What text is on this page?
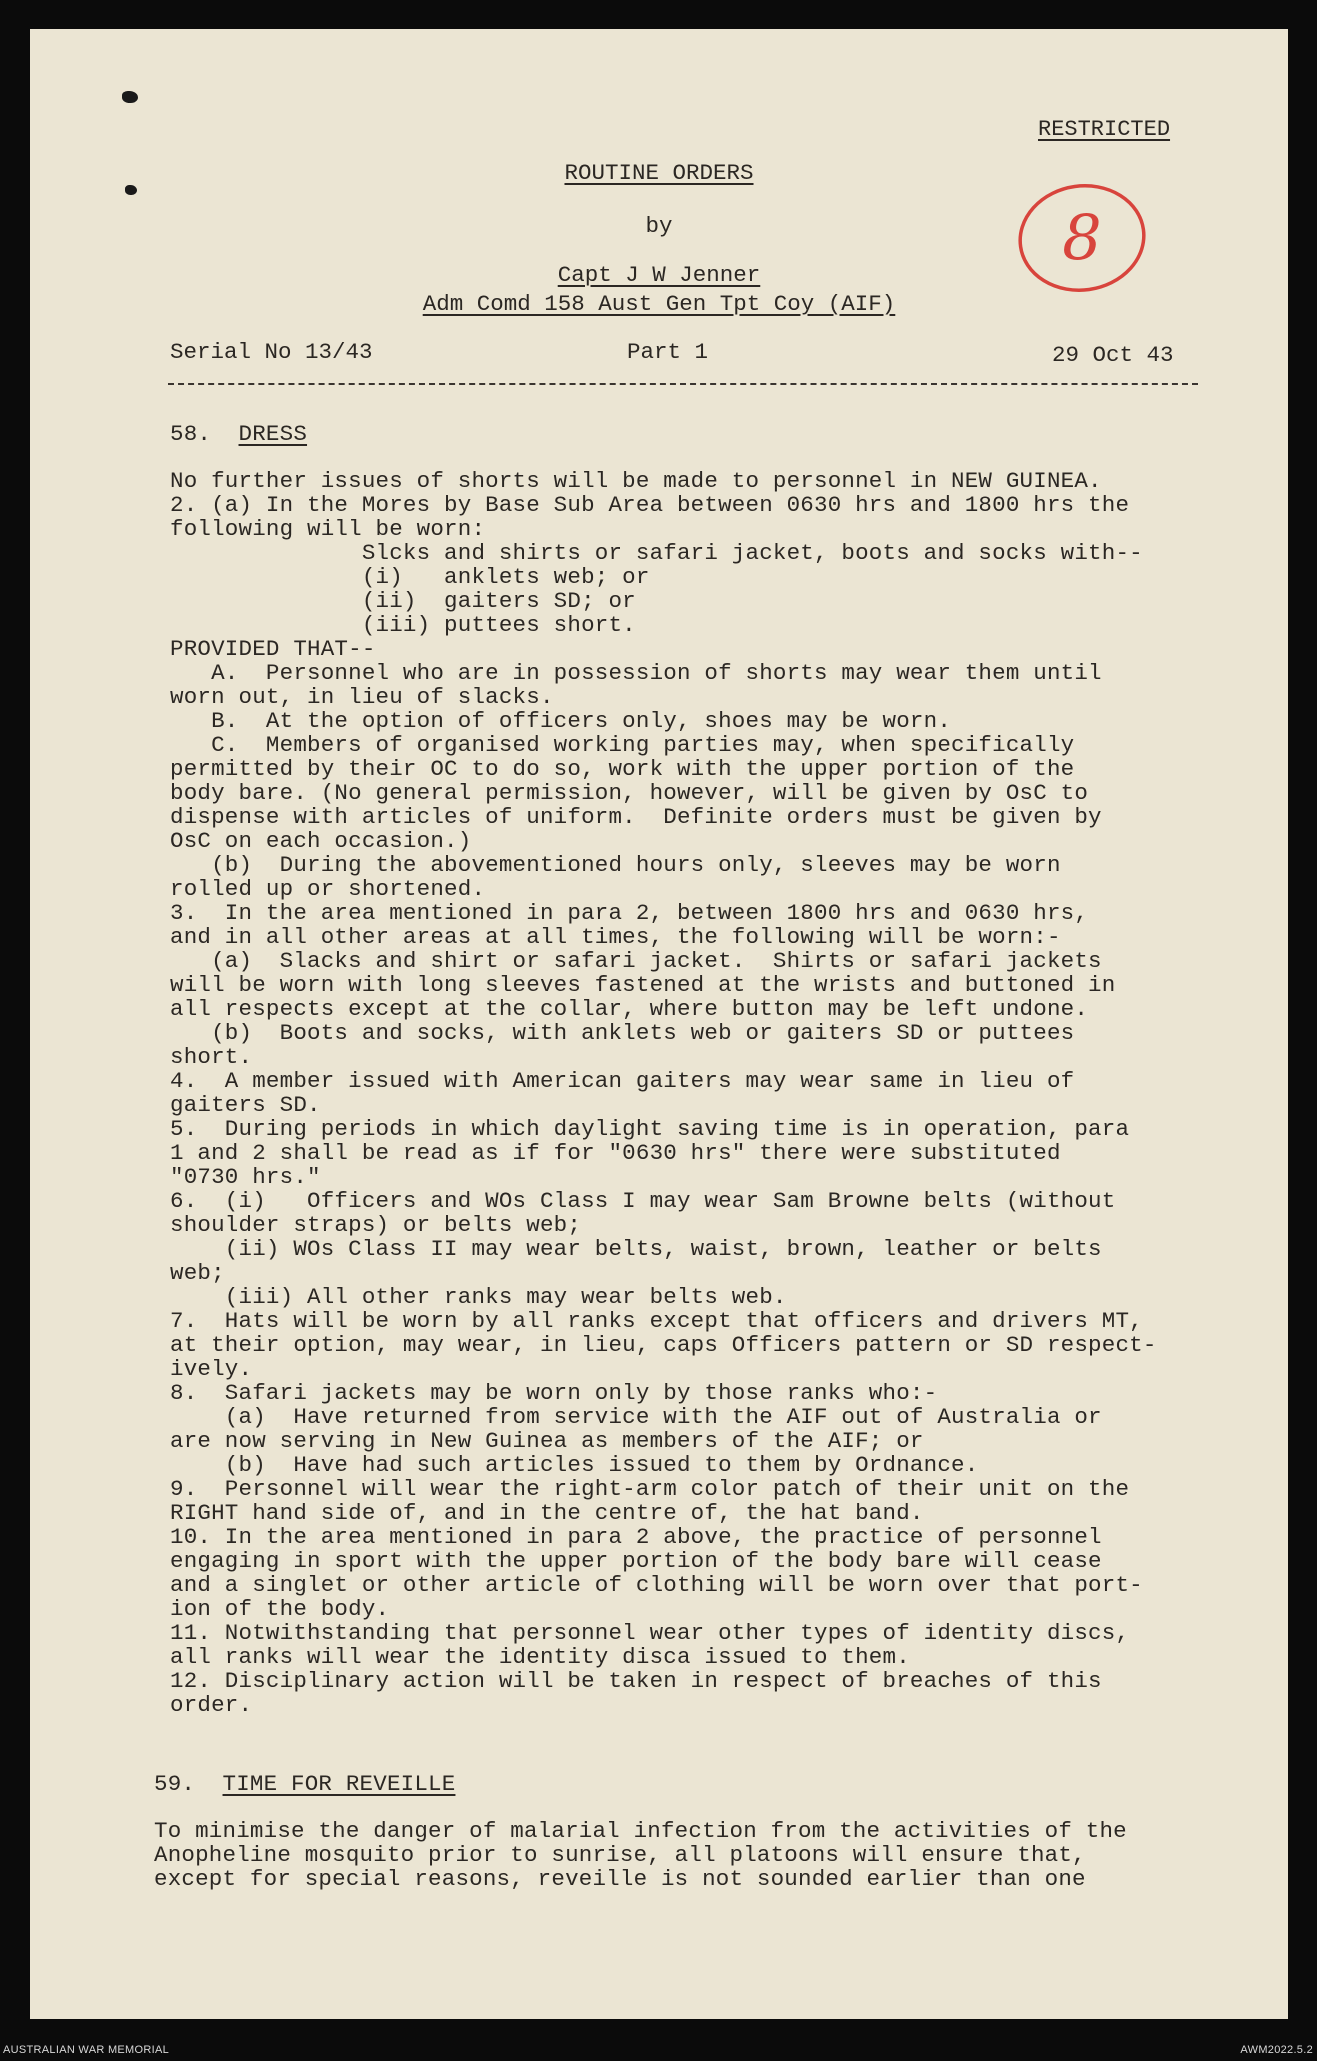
RESTRICTED
ROUTINE ORDERS
by
Capt J W Jenner
Adm Comd 158 Aust Gen Tpt Coy (AIF)
8
Serial No 13/43	Part 1	29 Oct 43
58. DRESS
No further issues of shorts will be made to personnel in NEW GUINEA.
2. (a) In the Mores by Base Sub Area between 0630 hrs and 1800 hrs the
following will be worn:
Slcks and shirts or safari jacket, boots and socks with--
(i)   anklets web; or
(ii)  gaiters SD; or
(iii) puttees short.
PROVIDED THAT--
A.  Personnel who are in possession of shorts may wear them until
worn out, in lieu of slacks.
B.  At the option of officers only, shoes may be worn.
C.  Members of organised working parties may, when specifically
permitted by their OC to do so, work with the upper portion of the
body bare. (No general permission, however, will be given by OsC to
dispense with articles of uniform.  Definite orders must be given by
OsC on each occasion.)
(b)  During the abovementioned hours only, sleeves may be worn
rolled up or shortened.
3.  In the area mentioned in para 2, between 1800 hrs and 0630 hrs,
and in all other areas at all times, the following will be worn:-
(a)  Slacks and shirt or safari jacket.  Shirts or safari jackets
will be worn with long sleeves fastened at the wrists and buttoned in
all respects except at the collar, where button may be left undone.
(b)  Boots and socks, with anklets web or gaiters SD or puttees
short.
4.  A member issued with American gaiters may wear same in lieu of
gaiters SD.
5.  During periods in which daylight saving time is in operation, para
1 and 2 shall be read as if for "0630 hrs" there were substituted
"0730 hrs."
6.  (i)   Officers and WOs Class I may wear Sam Browne belts (without
shoulder straps) or belts web;
(ii) WOs Class II may wear belts, waist, brown, leather or belts
web;
(iii) All other ranks may wear belts web.
7.  Hats will be worn by all ranks except that officers and drivers MT,
at their option, may wear, in lieu, caps Officers pattern or SD respect-
ively.
8.  Safari jackets may be worn only by those ranks who:-
(a)  Have returned from service with the AIF out of Australia or
are now serving in New Guinea as members of the AIF; or
(b)  Have had such articles issued to them by Ordnance.
9.  Personnel will wear the right-arm color patch of their unit on the
RIGHT hand side of, and in the centre of, the hat band.
10. In the area mentioned in para 2 above, the practice of personnel
engaging in sport with the upper portion of the body bare will cease
and a singlet or other article of clothing will be worn over that port-
ion of the body.
11. Notwithstanding that personnel wear other types of identity discs,
all ranks will wear the identity disca issued to them.
12. Disciplinary action will be taken in respect of breaches of this
order.
59. TIME FOR REVEILLE
To minimise the danger of malarial infection from the activities of the
Anopheline mosquito prior to sunrise, all platoons will ensure that,
except for special reasons, reveille is not sounded earlier than one
AUSTRALIAN WAR MEMORIAL	AWM2022.5.2
